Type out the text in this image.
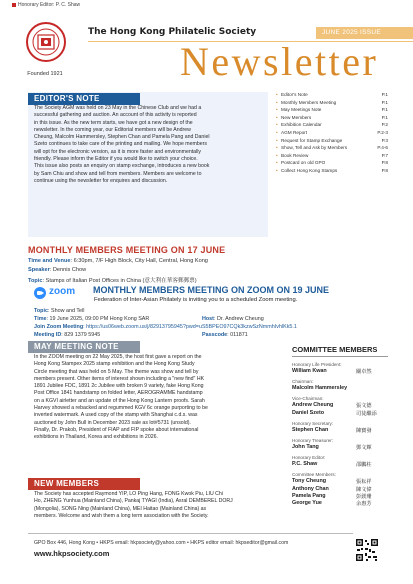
Honorary Editor: P. C. Shaw
Founded 1921
The Hong Kong Philatelic Society	JUNE 2025 ISSUE
Newsletter
EDITOR'S NOTE
The Society AGM was held on 23 May in the Chinese Club and we had a
successful gathering and auction. An account of this activity is reported
in this issue. As the new term starts, we have got a new design of the
newsletter. In the coming year, our Editorial members will be Andrew
Cheung, Malcolm Hammersley, Stephen Chan and Pamela Pang and Daniel
Szeto continues to take care of the printing and mailing. We hope members
will opt for the electronic version, as it is more faster and environmentally
friendly. Please inform the Editor if you would like to switch your choice.
This issue also posts an enquiry on stamp exchange, introduces a new book
by Sam Chiu and show and tell from members. Members are welcome to
continue using the newsletter for enquires and discussion.
• Editor's Note	P.1
• Monthly Members Meeting	P.1
• May Meetings Note	P.1
• New Members	P.1
• Exhibition Calendar	P.2
• AGM Report	P.2-3
• Request for Stamp Exchange	P.3
• Show, Tell and Ask by Members	P.4-6
• Book Review	P.7
• Postcard on old GPO	P.8
• Collect Hong Kong Stamps	P.8
MONTHLY MEMBERS MEETING ON 17 JUNE
Time and Venue: 6:30pm, 7/F High Block, City Hall, Central, Hong Kong
Speaker: Dennis Chow
Topic: Stamps of Italian Post Offices in China (意大利在華客郵郵票)
zoom MONTHLY MEMBERS MEETING ON ZOOM ON 19 JUNE
Federation of Inter-Asian Philately is inviting you to a scheduled Zoom meeting.
Topic: Show and Tell
Time: 19 June 2025, 09:00 PM Hong Kong SAR	Host: Dr. Andrew Cheung
Join Zoom Meeting: https://us06web.zoom.us/j/82913795945?pwd=uS5BPEO97CQk3kzwSzNmmhIvhlKk5.1
Meeting ID: 829 1379 5945	Passcode: 011871
MAY MEETING NOTE
In the ZOOM meeting on 22 May 2025, the host first gave a report on the
Hong Kong Stampex 2025 stamp exhibition and the Hong Kong Study
Circle meeting that was held on 5 May. The theme was show and tell by
members present. Other items of interest shown including a "new find" HK
1891 Jubilee FDC, 1891 2c Jubilee with broken 9 variety, fake Hong Kong
Post Office 1841 handstamp on folded letter, AEROGRAMME handstamp
on a KGVI airletter and an update of the Hong Kong Lantern proofs. Sarah
Harvey showed a rebacked and regummed KGV 6c orange purporting to be
inverted watermark. A used copy of the stamp with Shanghai c.d.s. was
auctioned by John Bull in December 2023 sale as lot#5731 (unsold).
Finally, Dr. Prakob, President of FIAP and FIP spoke about international
exhibitions in Thailand, Korea and exhibitions in 2026.
COMMITTEE MEMBERS
Honorary Life President:
William Kwan	關卓然
Chairman:
Malcolm Hammersley
Vice-Chairman:
Andrew Cheung	張文德
Daniel Szeto	司徒繼添
Honorary Secretary:
Stephen Chan	陳寶發
Honorary Treasurer:
John Tang	鄧文輝
Honorary Editor:
P.C. Shaw	邵鵬柱
Committee Members:
Tony Cheung	張耘祥
Anthony Chan	陳文偉
Pamela Pang	彭鎂珊
George Yue	余惠芳
NEW MEMBERS
The Society has accepted Raymond YIP, LO Ping Hang, FONG Kwok Piu, LIU Chi
Ho, ZHENG Yunhua (Mainland China), Pankaj TYAGI (India), Asral DEMBEREL DORJ
(Mongolia), SONG Ning (Mainland China), MEI Haitao (Mainland China) as
members. Welcome and wish them a long term association with the Society.
GPO Box 446, Hong Kong • HKPS email: hkpsociety@yahoo.com • HKPS editor email: hkpseditor@gmail.com
www.hkpsociety.com
